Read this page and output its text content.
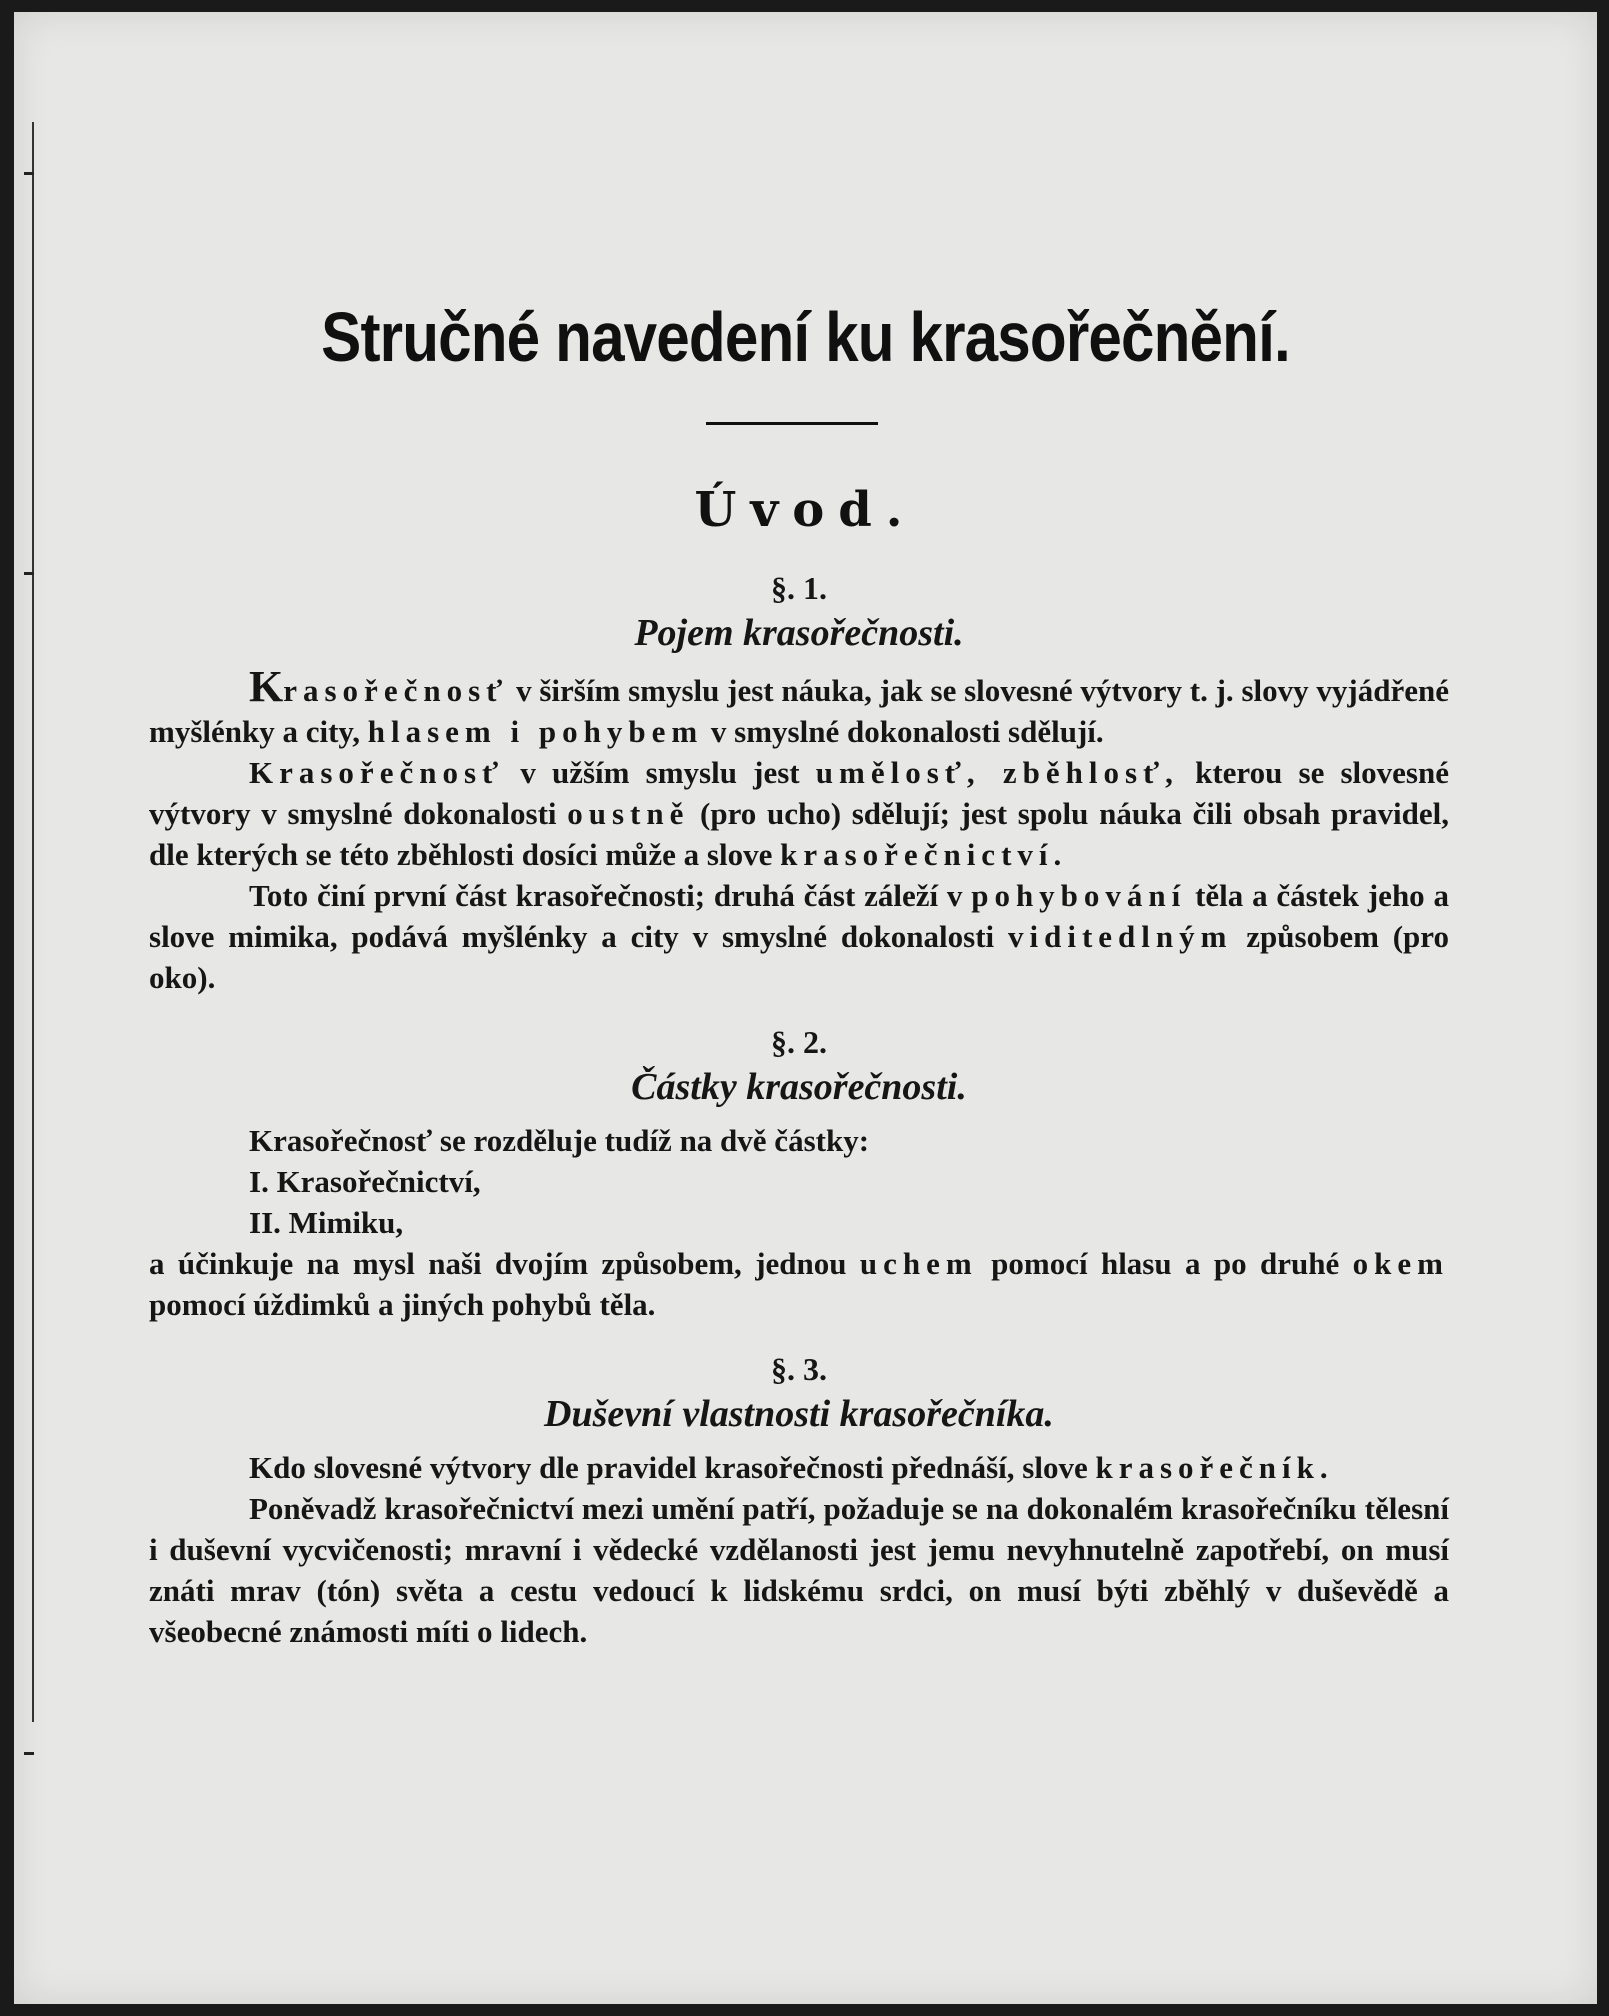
Stručné navedení ku krasořečnění.
Úvod.
§. 1.
Pojem krasořečnosti.

Krasořečnosť v širším smyslu jest náuka, jak se slovesné výtvory t. j. slovy vyjádřené myšlénky a city, hlasem i pohybem v smyslné dokonalosti sdělují.

Krasořečnosť v užším smyslu jest umělosť, zběhlosť, kterou se slovesné výtvory v smyslné dokonalosti oustně (pro ucho) sdělují; jest spolu náuka čili obsah pravidel, dle kterých se této zběhlosti dosíci může a slove krasořečnictví.

Toto činí první část krasořečnosti; druhá část záleží v pohybování těla a částek jeho a slove mimika, podává myšlénky a city v smyslné dokonalosti viditedlným způsobem (pro oko).

§. 2.
Částky krasořečnosti.

Krasořečnosť se rozděluje tudíž na dvě částky:

I. Krasořečnictví,

II. Mimiku,

a účinkuje na mysl naši dvojím způsobem, jednou uchem pomocí hlasu a po druhé okem pomocí úždimků a jiných pohybů těla.

§. 3.
Duševní vlastnosti krasořečníka.

Kdo slovesné výtvory dle pravidel krasořečnosti přednáší, slove krasořečník.

Poněvadž krasořečnictví mezi umění patří, požaduje se na dokonalém krasořečníku tělesní i duševní vycvičenosti; mravní i vědecké vzdělanosti jest jemu nevyhnutelně zapotřebí, on musí znáti mrav (tón) světa a cestu vedoucí k lidskému srdci, on musí býti zběhlý v duševědě a všeobecné známosti míti o lidech.
